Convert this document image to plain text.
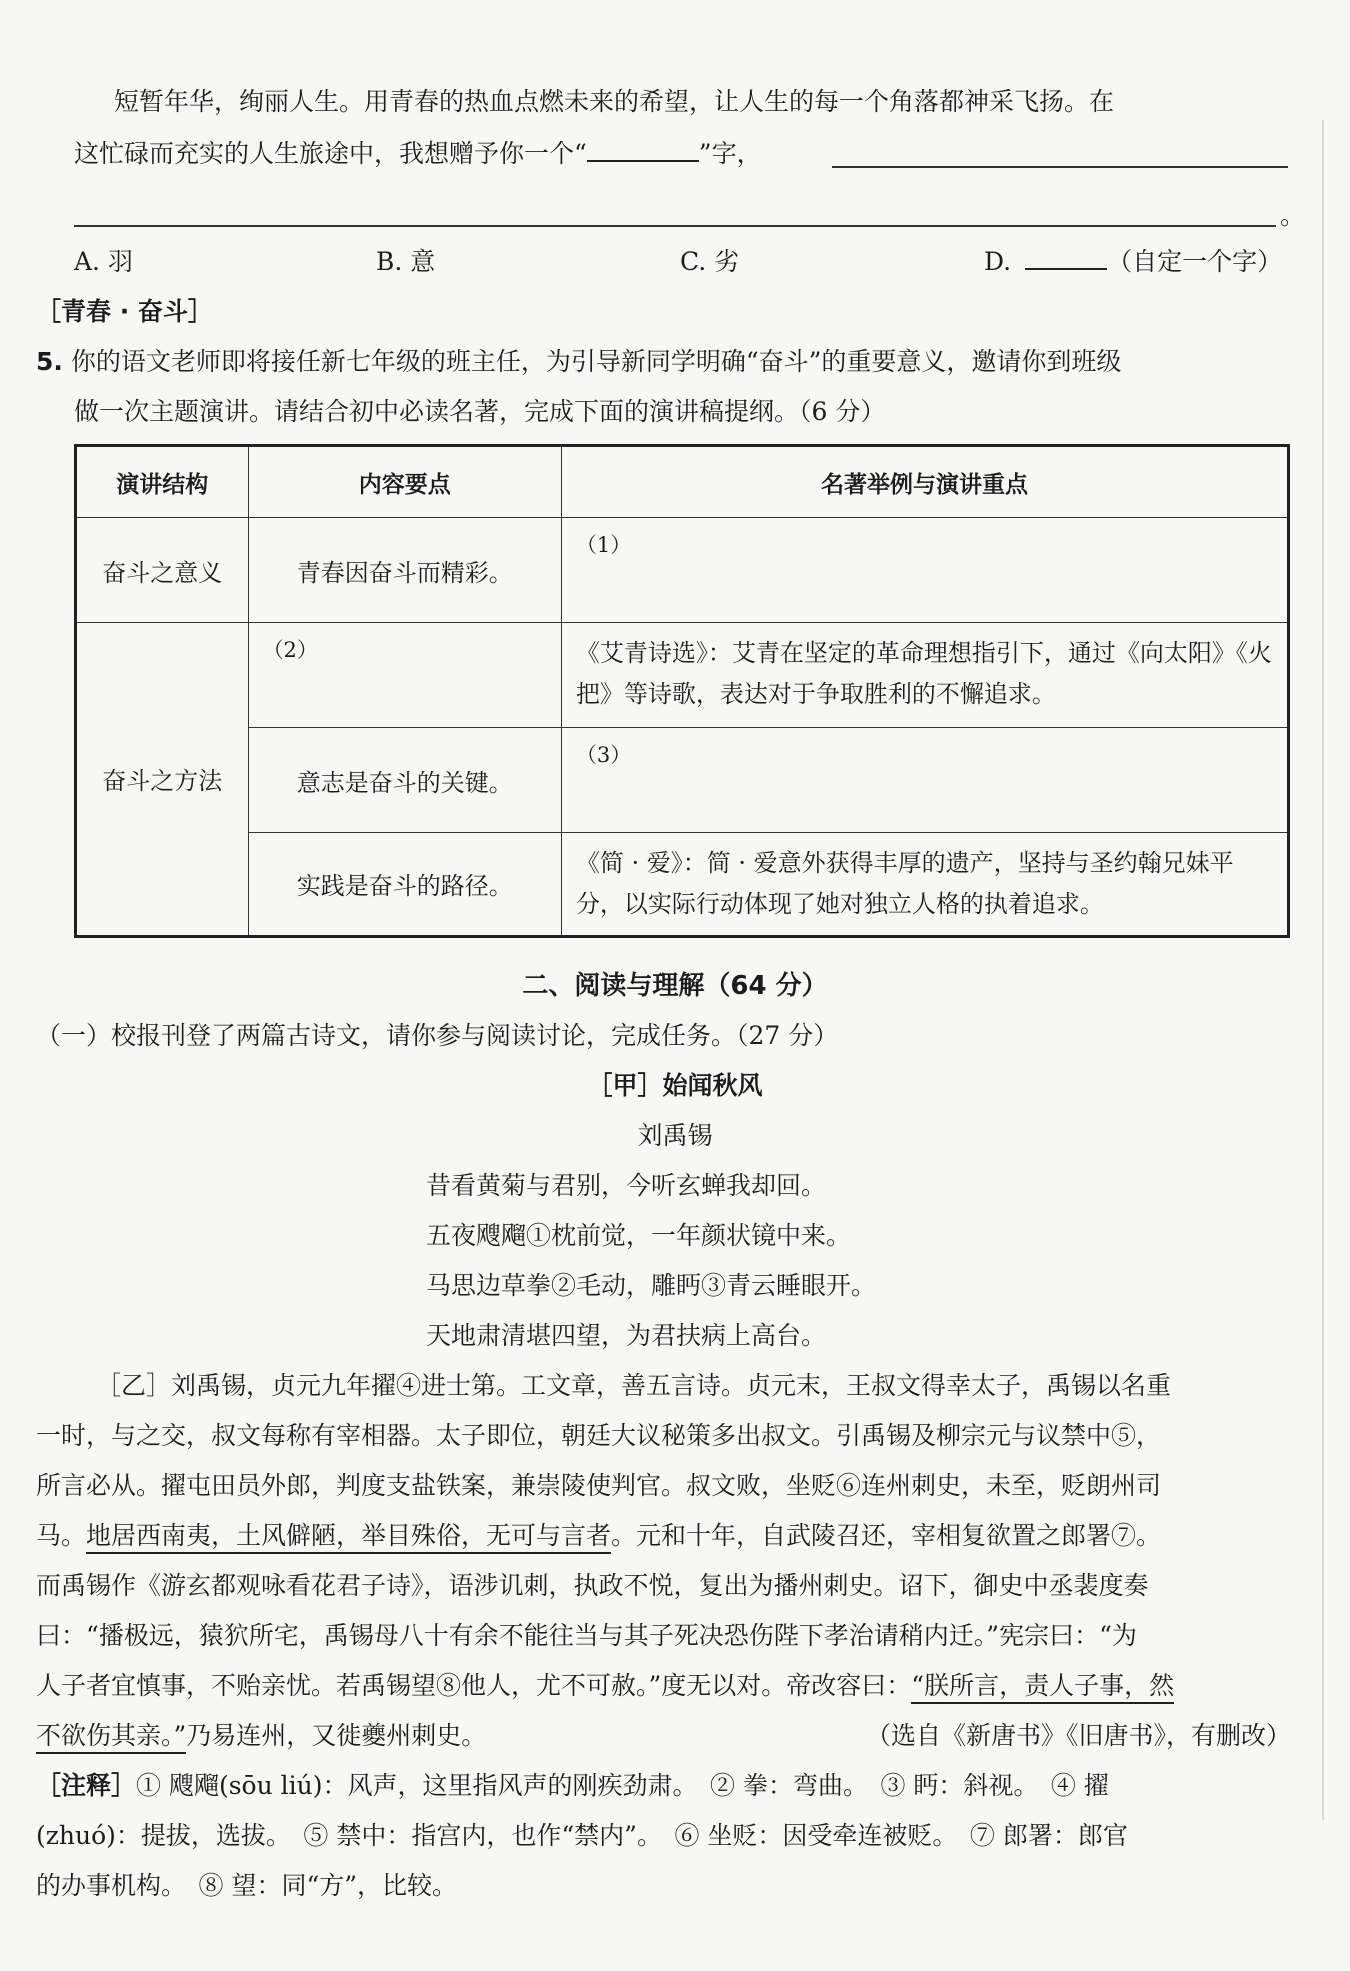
短暂年华，绚丽人生。用青春的热血点燃未来的希望，让人生的每一个角落都神采飞扬。在
这忙碌而充实的人生旅途中，我想赠予你一个“	”字，
。
A. 羽	B. 意	C. 劣	D.	（自定一个字）
［青春 · 奋斗］
5. 你的语文老师即将接任新七年级的班主任，为引导新同学明确“奋斗”的重要意义，邀请你到班级
做一次主题演讲。请结合初中必读名著，完成下面的演讲稿提纲。（6 分）
演讲结构	内容要点	名著举例与演讲重点

奋斗之意义	青春因奋斗而精彩。	（1）

奋斗之方法	（2）	《艾青诗选》：艾青在坚定的革命理想指引下，通过《向太阳》《火把》等诗歌，表达对于争取胜利的不懈追求。

意志是奋斗的关键。	（3）

实践是奋斗的路径。	《简 · 爱》：简 · 爱意外获得丰厚的遗产，坚持与圣约翰兄妹平分，以实际行动体现了她对独立人格的执着追求。
二、阅读与理解（64 分）
（一）校报刊登了两篇古诗文，请你参与阅读讨论，完成任务。（27 分）
［甲］始闻秋风
刘禹锡
昔看黄菊与君别，今听玄蝉我却回。
五夜飕飗①枕前觉，一年颜状镜中来。
马思边草拳②毛动，雕眄③青云睡眼开。
天地肃清堪四望，为君扶病上高台。
［乙］刘禹锡，贞元九年擢④进士第。工文章，善五言诗。贞元末，王叔文得幸太子，禹锡以名重
一时，与之交，叔文每称有宰相器。太子即位，朝廷大议秘策多出叔文。引禹锡及柳宗元与议禁中⑤，
所言必从。擢屯田员外郎，判度支盐铁案，兼崇陵使判官。叔文败，坐贬⑥连州刺史，未至，贬朗州司
马。地居西南夷，土风僻陋，举目殊俗，无可与言者。元和十年，自武陵召还，宰相复欲置之郎署⑦。
而禹锡作《游玄都观咏看花君子诗》，语涉讥刺，执政不悦，复出为播州刺史。诏下，御史中丞裴度奏
曰：“播极远，猿狖所宅，禹锡母八十有余不能往当与其子死决恐伤陛下孝治请稍内迁。”宪宗曰：“为
人子者宜慎事，不贻亲忧。若禹锡望⑧他人，尤不可赦。”度无以对。帝改容曰：“朕所言，责人子事，然
不欲伤其亲。”乃易连州，又徙夔州刺史。	（选自《新唐书》《旧唐书》，有删改）
［注释］① 飕飗(sōu liú)：风声，这里指风声的刚疾劲肃。　② 拳：弯曲。　③ 眄：斜视。　④ 擢
(zhuó)：提拔，选拔。　⑤ 禁中：指宫内，也作“禁内”。　⑥ 坐贬：因受牵连被贬。　⑦ 郎署：郎官
的办事机构。　⑧ 望：同“方”，比较。
